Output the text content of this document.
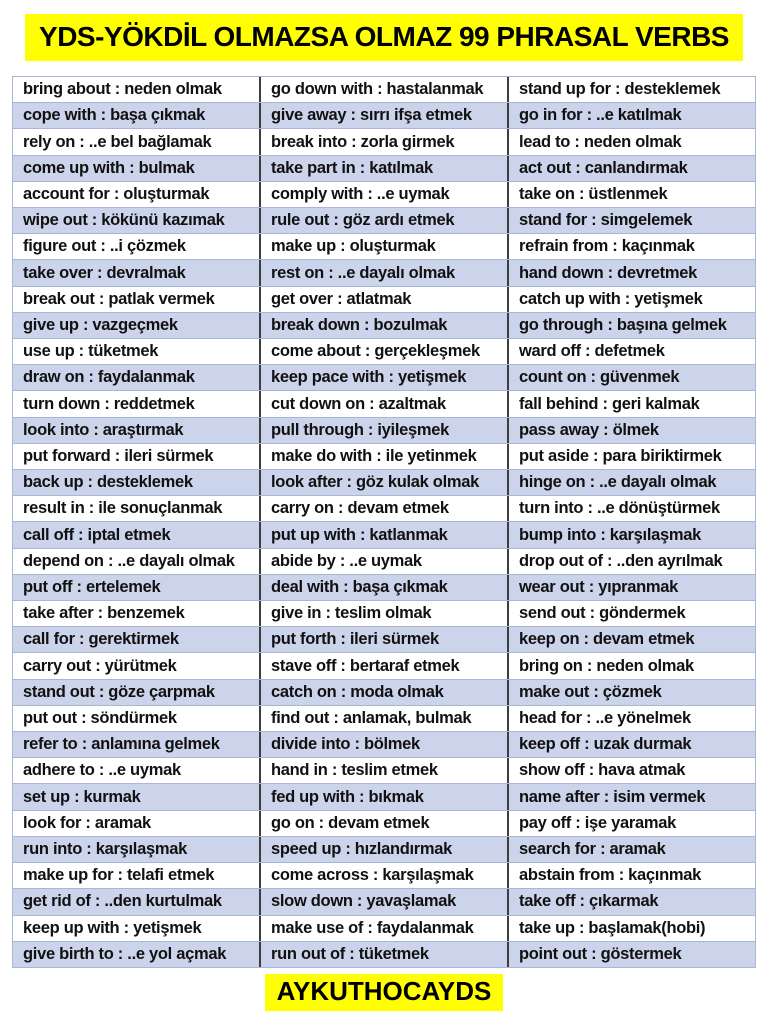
YDS-YÖKDİL OLMAZSA OLMAZ 99 PHRASAL VERBS
bring about : neden olmak	go down with : hastalanmak	stand up for : desteklemek
cope with : başa çıkmak	give away : sırrı ifşa etmek	go in for : ..e katılmak
rely on : ..e bel bağlamak	break into : zorla girmek	lead to : neden olmak
come up with : bulmak	take part in : katılmak	act out : canlandırmak
account for : oluşturmak	comply with : ..e uymak	take on : üstlenmek
wipe out : kökünü kazımak	rule out : göz ardı etmek	stand for : simgelemek
figure out : ..i çözmek	make up : oluşturmak	refrain from : kaçınmak
take over : devralmak	rest on : ..e dayalı olmak	hand down : devretmek
break out : patlak vermek	get over : atlatmak	catch up with : yetişmek
give up : vazgeçmek	break down : bozulmak	go through : başına gelmek
use up : tüketmek	come about : gerçekleşmek	ward off : defetmek
draw on : faydalanmak	keep pace with : yetişmek	count on : güvenmek
turn down : reddetmek	cut down on : azaltmak	fall behind : geri kalmak
look into : araştırmak	pull through : iyileşmek	pass away : ölmek
put forward : ileri sürmek	make do with : ile yetinmek	put aside : para biriktirmek
back up : desteklemek	look after : göz kulak olmak	hinge on : ..e dayalı olmak
result in : ile sonuçlanmak	carry on : devam etmek	turn into : ..e dönüştürmek
call off : iptal etmek	put up with : katlanmak	bump into : karşılaşmak
depend on : ..e dayalı olmak	abide by : ..e uymak	drop out of : ..den ayrılmak
put off : ertelemek	deal with : başa çıkmak	wear out : yıpranmak
take after : benzemek	give in : teslim olmak	send out : göndermek
call for : gerektirmek	put forth : ileri sürmek	keep on : devam etmek
carry out : yürütmek	stave off : bertaraf etmek	bring on : neden olmak
stand out : göze çarpmak	catch on : moda olmak	make out : çözmek
put out : söndürmek	find out : anlamak, bulmak	head for : ..e yönelmek
refer to : anlamına gelmek	divide into : bölmek	keep off : uzak durmak
adhere to : ..e uymak	hand in : teslim etmek	show off : hava atmak
set up : kurmak	fed up with : bıkmak	name after : isim vermek
look for : aramak	go on : devam etmek	pay off : işe yaramak
run into : karşılaşmak	speed up : hızlandırmak	search for : aramak
make up for : telafi etmek	come across : karşılaşmak	abstain from : kaçınmak
get rid of : ..den kurtulmak	slow down : yavaşlamak	take off : çıkarmak
keep up with : yetişmek	make use of : faydalanmak	take up : başlamak(hobi)
give birth to : ..e yol açmak	run out of : tüketmek	point out : göstermek
AYKUTHOCAYDS
